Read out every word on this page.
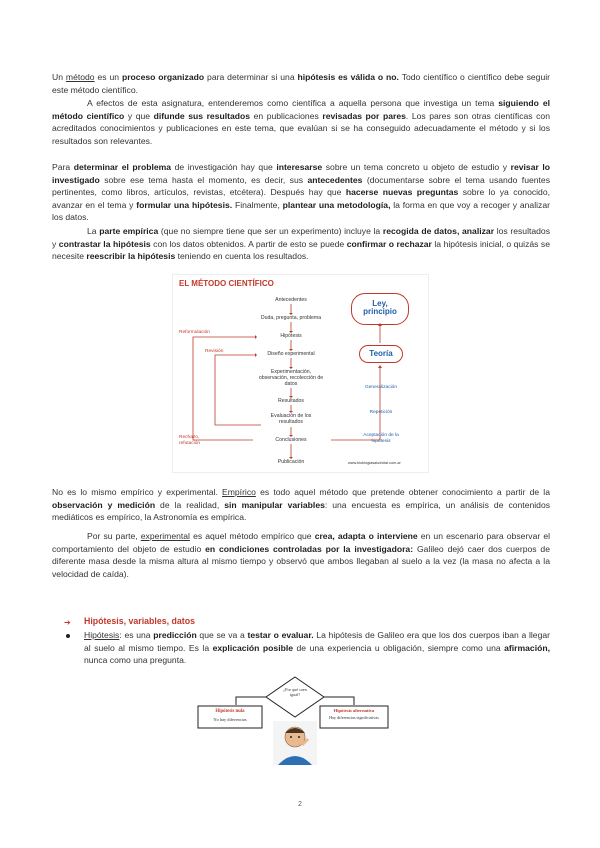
Un método es un proceso organizado para determinar si una hipótesis es válida o no. Todo científico o científico debe seguir este método científico.

A efectos de esta asignatura, entenderemos como científica a aquella persona que investiga un tema siguiendo el método científico y que difunde sus resultados en publicaciones revisadas por pares. Los pares son otras científicas con acreditados conocimientos y publicaciones en este tema, que evalúan si se ha conseguido adecuadamente el método y si los resultados son relevantes.

Para determinar el problema de investigación hay que interesarse sobre un tema concreto u objeto de estudio y revisar lo investigado sobre ese tema hasta el momento, es decir, sus antecedentes (documentarse sobre el tema usando fuentes pertinentes, como libros, artículos, revistas, etcétera). Después hay que hacerse nuevas preguntas sobre lo ya conocido, avanzar en el tema y formular una hipótesis. Finalmente, plantear una metodología, la forma en que voy a recoger y analizar los datos.

La parte empírica (que no siempre tiene que ser un experimento) incluye la recogida de datos, analizar los resultados y contrastar la hipótesis con los datos obtenidos. A partir de esto se puede confirmar o rechazar la hipótesis inicial, o quizás se necesite reescribir la hipótesis teniendo en cuenta los resultados.

EL MÉTODO CIENTÍFICO
Antecedentes
Duda, pregunta, problema
Hipótesis
Diseño experimental
Experimentación, observación, recolección de datos
Resultados
Evaluación de los resultados
Conclusiones
Publicación
Reformulación
Revisión
Rechazo, refutación
Ley, principio
Teoría
Generalización
Repetición
Aceptación de la hipótesis
www.bioblogiasaludvital.com.ar

No es lo mismo empírico y experimental. Empírico es todo aquel método que pretende obtener conocimiento a partir de la observación y medición de la realidad, sin manipular variables: una encuesta es empírica, un análisis de contenidos mediáticos es empírico, la Astronomía es empírica.

Por su parte, experimental es aquel método empírico que crea, adapta o interviene en un escenario para observar el comportamiento del objeto de estudio en condiciones controladas por la investigadora: Galileo dejó caer dos cuerpos de diferente masa desde la misma altura al mismo tiempo y observó que ambos llegaban al suelo a la vez (la masa no afecta a la velocidad de caída).

➔ Hipótesis, variables, datos

Hipótesis: es una predicción que se va a testar o evaluar. La hipótesis de Galileo era que los dos cuerpos iban a llegar al suelo al mismo tiempo. Es la explicación posible de una experiencia u obligación, siempre como una afirmación, nunca como una pregunta.

¿Por qué caen igual?
Hipótesis nula
No hay diferencias
Hipótesis alternativa
Hay diferencias significativas
2
